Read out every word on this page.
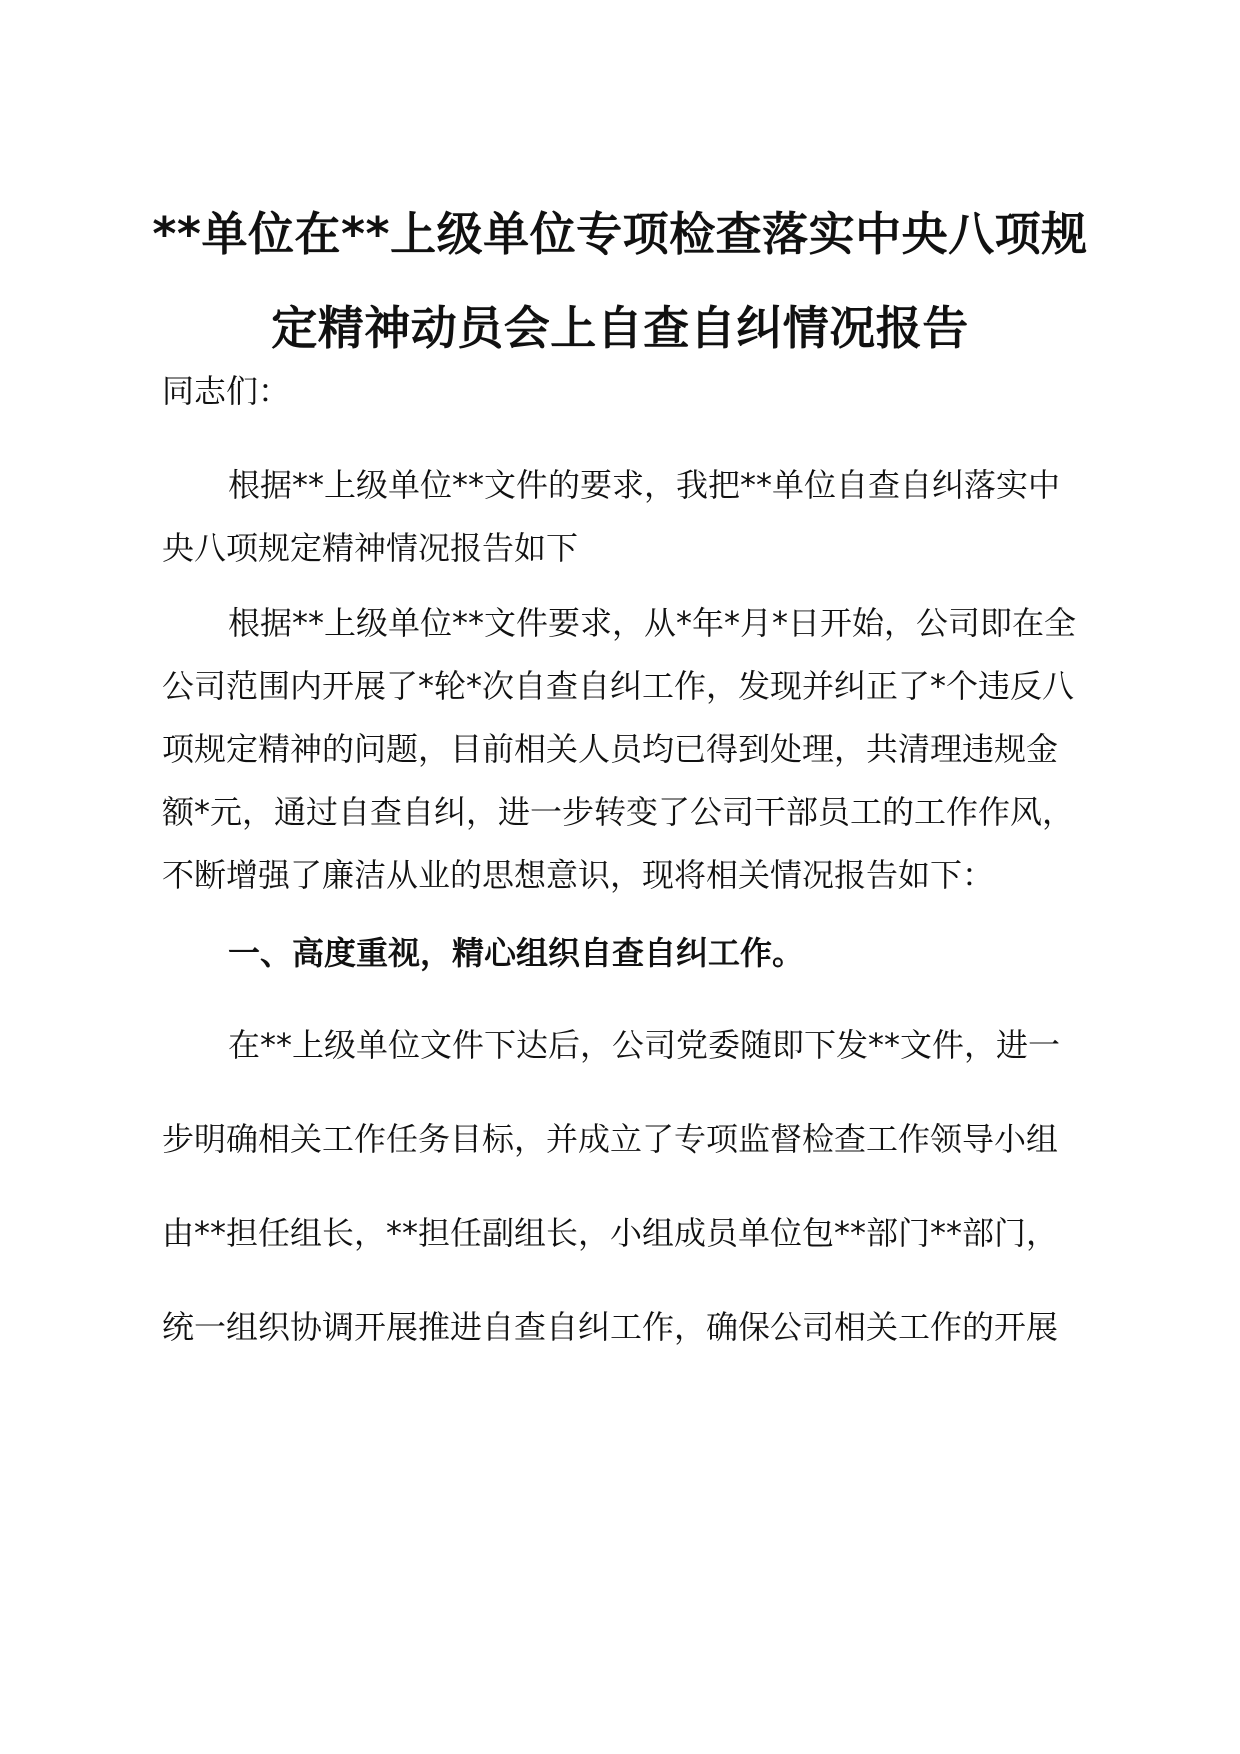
**单位在**上级单位专项检查落实中央八项规
定精神动员会上自查自纠情况报告
同志们：
根据**上级单位**文件的要求，我把**单位自查自纠落实中
央八项规定精神情况报告如下
根据**上级单位**文件要求，从*年*月*日开始，公司即在全
公司范围内开展了*轮*次自查自纠工作，发现并纠正了*个违反八
项规定精神的问题，目前相关人员均已得到处理，共清理违规金
额*元，通过自查自纠，进一步转变了公司干部员工的工作作风，
不断增强了廉洁从业的思想意识，现将相关情况报告如下：
一、高度重视，精心组织自查自纠工作。
在**上级单位文件下达后，公司党委随即下发**文件，进一
步明确相关工作任务目标，并成立了专项监督检查工作领导小组
由**担任组长，**担任副组长，小组成员单位包**部门**部门，
统一组织协调开展推进自查自纠工作，确保公司相关工作的开展
